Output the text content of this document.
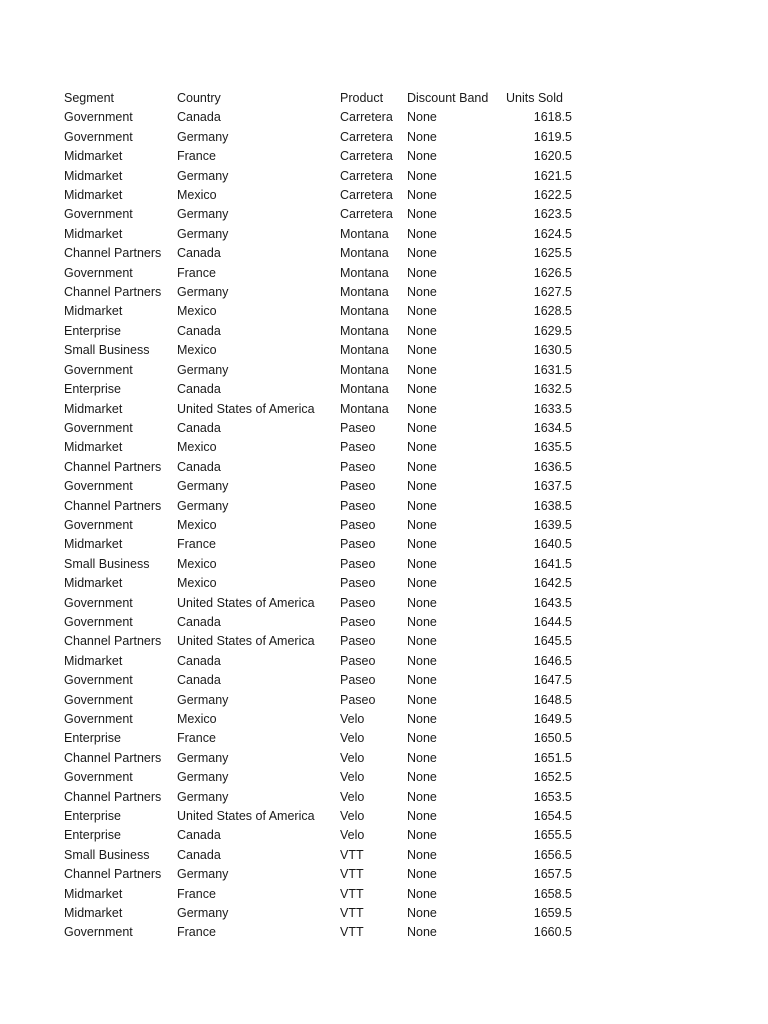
Segment	Country	Product	Discount Band	Units Sold
Government	Canada	Carretera	None	1618.5
Government	Germany	Carretera	None	1619.5
Midmarket	France	Carretera	None	1620.5
Midmarket	Germany	Carretera	None	1621.5
Midmarket	Mexico	Carretera	None	1622.5
Government	Germany	Carretera	None	1623.5
Midmarket	Germany	Montana	None	1624.5
Channel Partners	Canada	Montana	None	1625.5
Government	France	Montana	None	1626.5
Channel Partners	Germany	Montana	None	1627.5
Midmarket	Mexico	Montana	None	1628.5
Enterprise	Canada	Montana	None	1629.5
Small Business	Mexico	Montana	None	1630.5
Government	Germany	Montana	None	1631.5
Enterprise	Canada	Montana	None	1632.5
Midmarket	United States of America	Montana	None	1633.5
Government	Canada	Paseo	None	1634.5
Midmarket	Mexico	Paseo	None	1635.5
Channel Partners	Canada	Paseo	None	1636.5
Government	Germany	Paseo	None	1637.5
Channel Partners	Germany	Paseo	None	1638.5
Government	Mexico	Paseo	None	1639.5
Midmarket	France	Paseo	None	1640.5
Small Business	Mexico	Paseo	None	1641.5
Midmarket	Mexico	Paseo	None	1642.5
Government	United States of America	Paseo	None	1643.5
Government	Canada	Paseo	None	1644.5
Channel Partners	United States of America	Paseo	None	1645.5
Midmarket	Canada	Paseo	None	1646.5
Government	Canada	Paseo	None	1647.5
Government	Germany	Paseo	None	1648.5
Government	Mexico	Velo	None	1649.5
Enterprise	France	Velo	None	1650.5
Channel Partners	Germany	Velo	None	1651.5
Government	Germany	Velo	None	1652.5
Channel Partners	Germany	Velo	None	1653.5
Enterprise	United States of America	Velo	None	1654.5
Enterprise	Canada	Velo	None	1655.5
Small Business	Canada	VTT	None	1656.5
Channel Partners	Germany	VTT	None	1657.5
Midmarket	France	VTT	None	1658.5
Midmarket	Germany	VTT	None	1659.5
Government	France	VTT	None	1660.5
